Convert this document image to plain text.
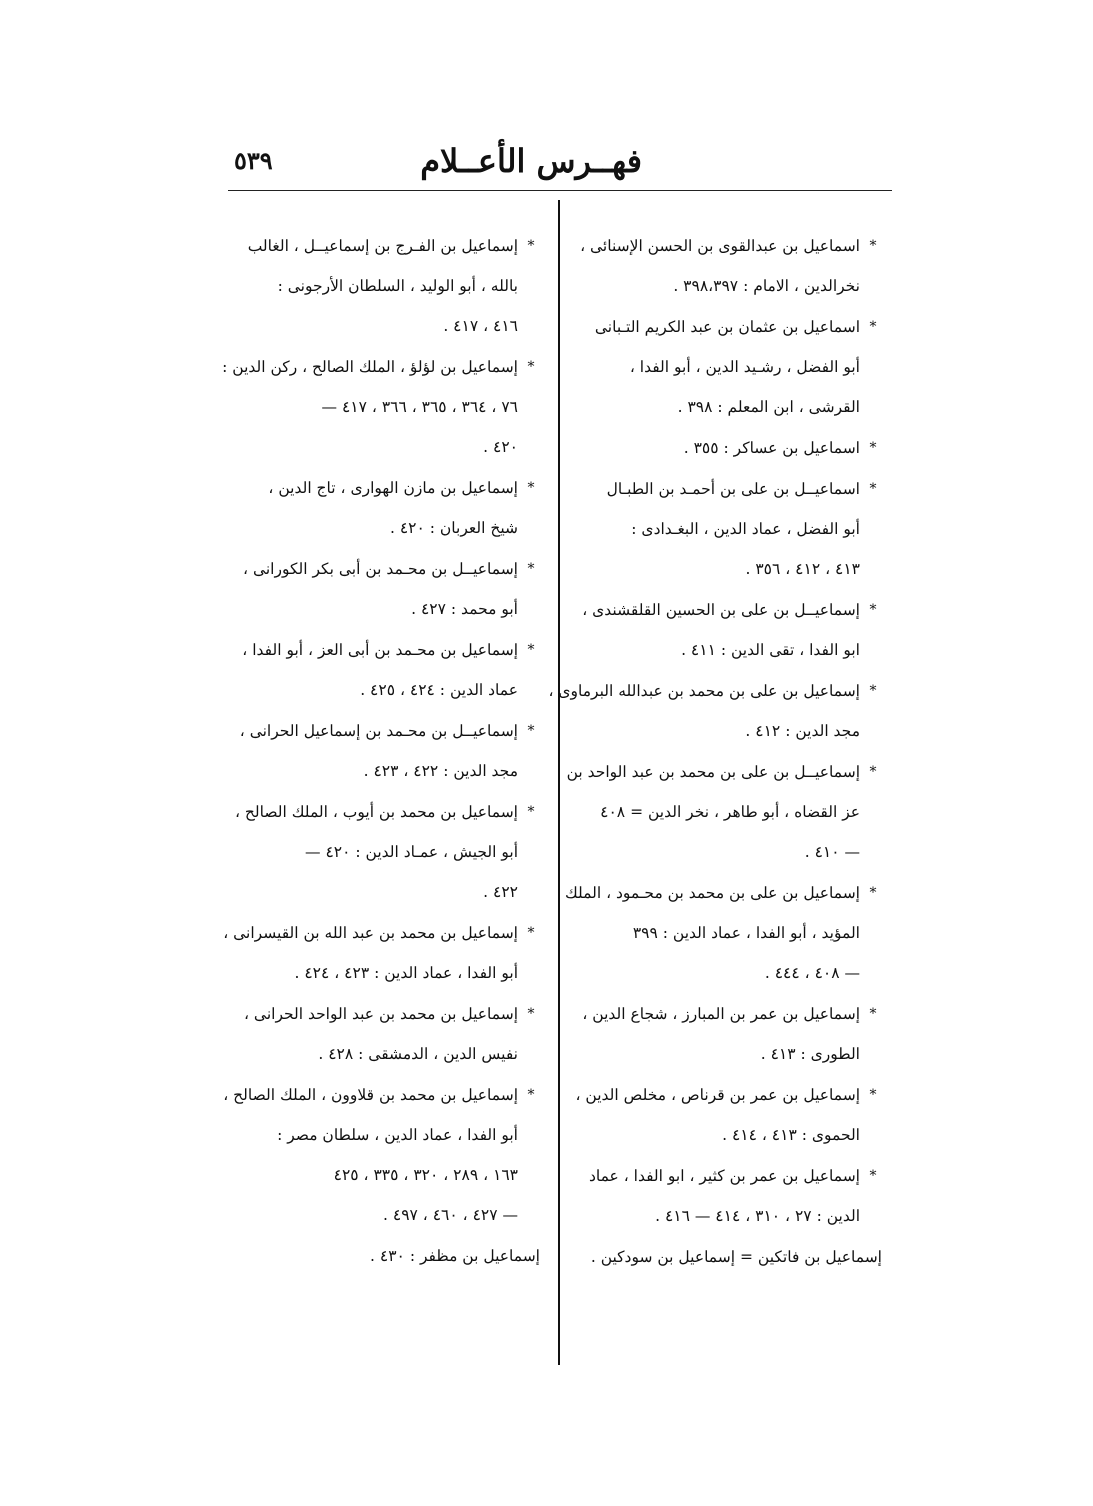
فهــرس الأعــلام
٥٣٩
*
اسماعيل بن عبدالقوى بن الحسن الإسنائى ،
نخرالدين ، الامام : ٣٩٨،٣٩٧ .
*
اسماعيل بن عثمان بن عبد الكريم التـبانى
أبو الفضل ، رشـيد الدين ، أبو الفدا ،
القرشى ، ابن المعلم : ٣٩٨ .
*
اسماعيل بن عساكر : ٣٥٥ .
*
اسماعيــل بن على بن أحمـد بن الطبـال
أبو الفضل ، عماد الدين ، البغـدادى :
٤١٣ ، ٤١٢ ، ٣٥٦ .
*
إسماعيــل بن على بن الحسين القلقشندى ،
ابو الفدا ، تقى الدين : ٤١١ .
*
إسماعيل بن على بن محمد بن عبدالله البرماوى ،
مجد الدين : ٤١٢ .
*
إسماعيــل بن على بن محمد بن عبد الواحد بن
عز القضاه ، أبو طاهر ، نخر الدين = ٤٠٨
— ٤١٠ .
*
إسماعيل بن على بن محمد بن محـمود ، الملك
المؤيد ، أبو الفدا ، عماد الدين : ٣٩٩
— ٤٠٨ ، ٤٤٤ .
*
إسماعيل بن عمر بن المبارز ، شجاع الدين ،
الطورى : ٤١٣ .
*
إسماعيل بن عمر بن قرناص ، مخلص الدين ،
الحموى : ٤١٣ ، ٤١٤ .
*
إسماعيل بن عمر بن كثير ، ابو الفدا ، عماد
الدين : ٢٧ ، ٣١٠ ، ٤١٤ — ٤١٦ .
إسماعيل بن فاتكين = إسماعيل بن سودكين .
*
إسماعيل بن الفـرج بن إسماعيــل ، الغالب
بالله ، أبو الوليد ، السلطان الأرجونى :
٤١٦ ، ٤١٧ .
*
إسماعيل بن لؤلؤ ، الملك الصالح ، ركن الدين :
٧٦ ، ٣٦٤ ، ٣٦٥ ، ٣٦٦ ، ٤١٧ —
٤٢٠ .
*
إسماعيل بن مازن الهوارى ، تاج الدين ،
شيخ العربان : ٤٢٠ .
*
إسماعيــل بن محـمد بن أبى بكر الكورانى ،
أبو محمد : ٤٢٧ .
*
إسماعيل بن محـمد بن أبى العز ، أبو الفدا ،
عماد الدين : ٤٢٤ ، ٤٢٥ .
*
إسماعيــل بن محـمد بن إسماعيل الحرانى ،
مجد الدين : ٤٢٢ ، ٤٢٣ .
*
إسماعيل بن محمد بن أيوب ، الملك الصالح ،
أبو الجيش ، عمـاد الدين : ٤٢٠ —
٤٢٢ .
*
إسماعيل بن محمد بن عبد الله بن القيسرانى ،
أبو الفدا ، عماد الدين : ٤٢٣ ، ٤٢٤ .
*
إسماعيل بن محمد بن عبد الواحد الحرانى ،
نفيس الدين ، الدمشقى : ٤٢٨ .
*
إسماعيل بن محمد بن قلاوون ، الملك الصالح ،
أبو الفدا ، عماد الدين ، سلطان مصر :
١٦٣ ، ٢٨٩ ، ٣٢٠ ، ٣٣٥ ، ٤٢٥
— ٤٢٧ ، ٤٦٠ ، ٤٩٧ .
إسماعيل بن مظفر : ٤٣٠ .
